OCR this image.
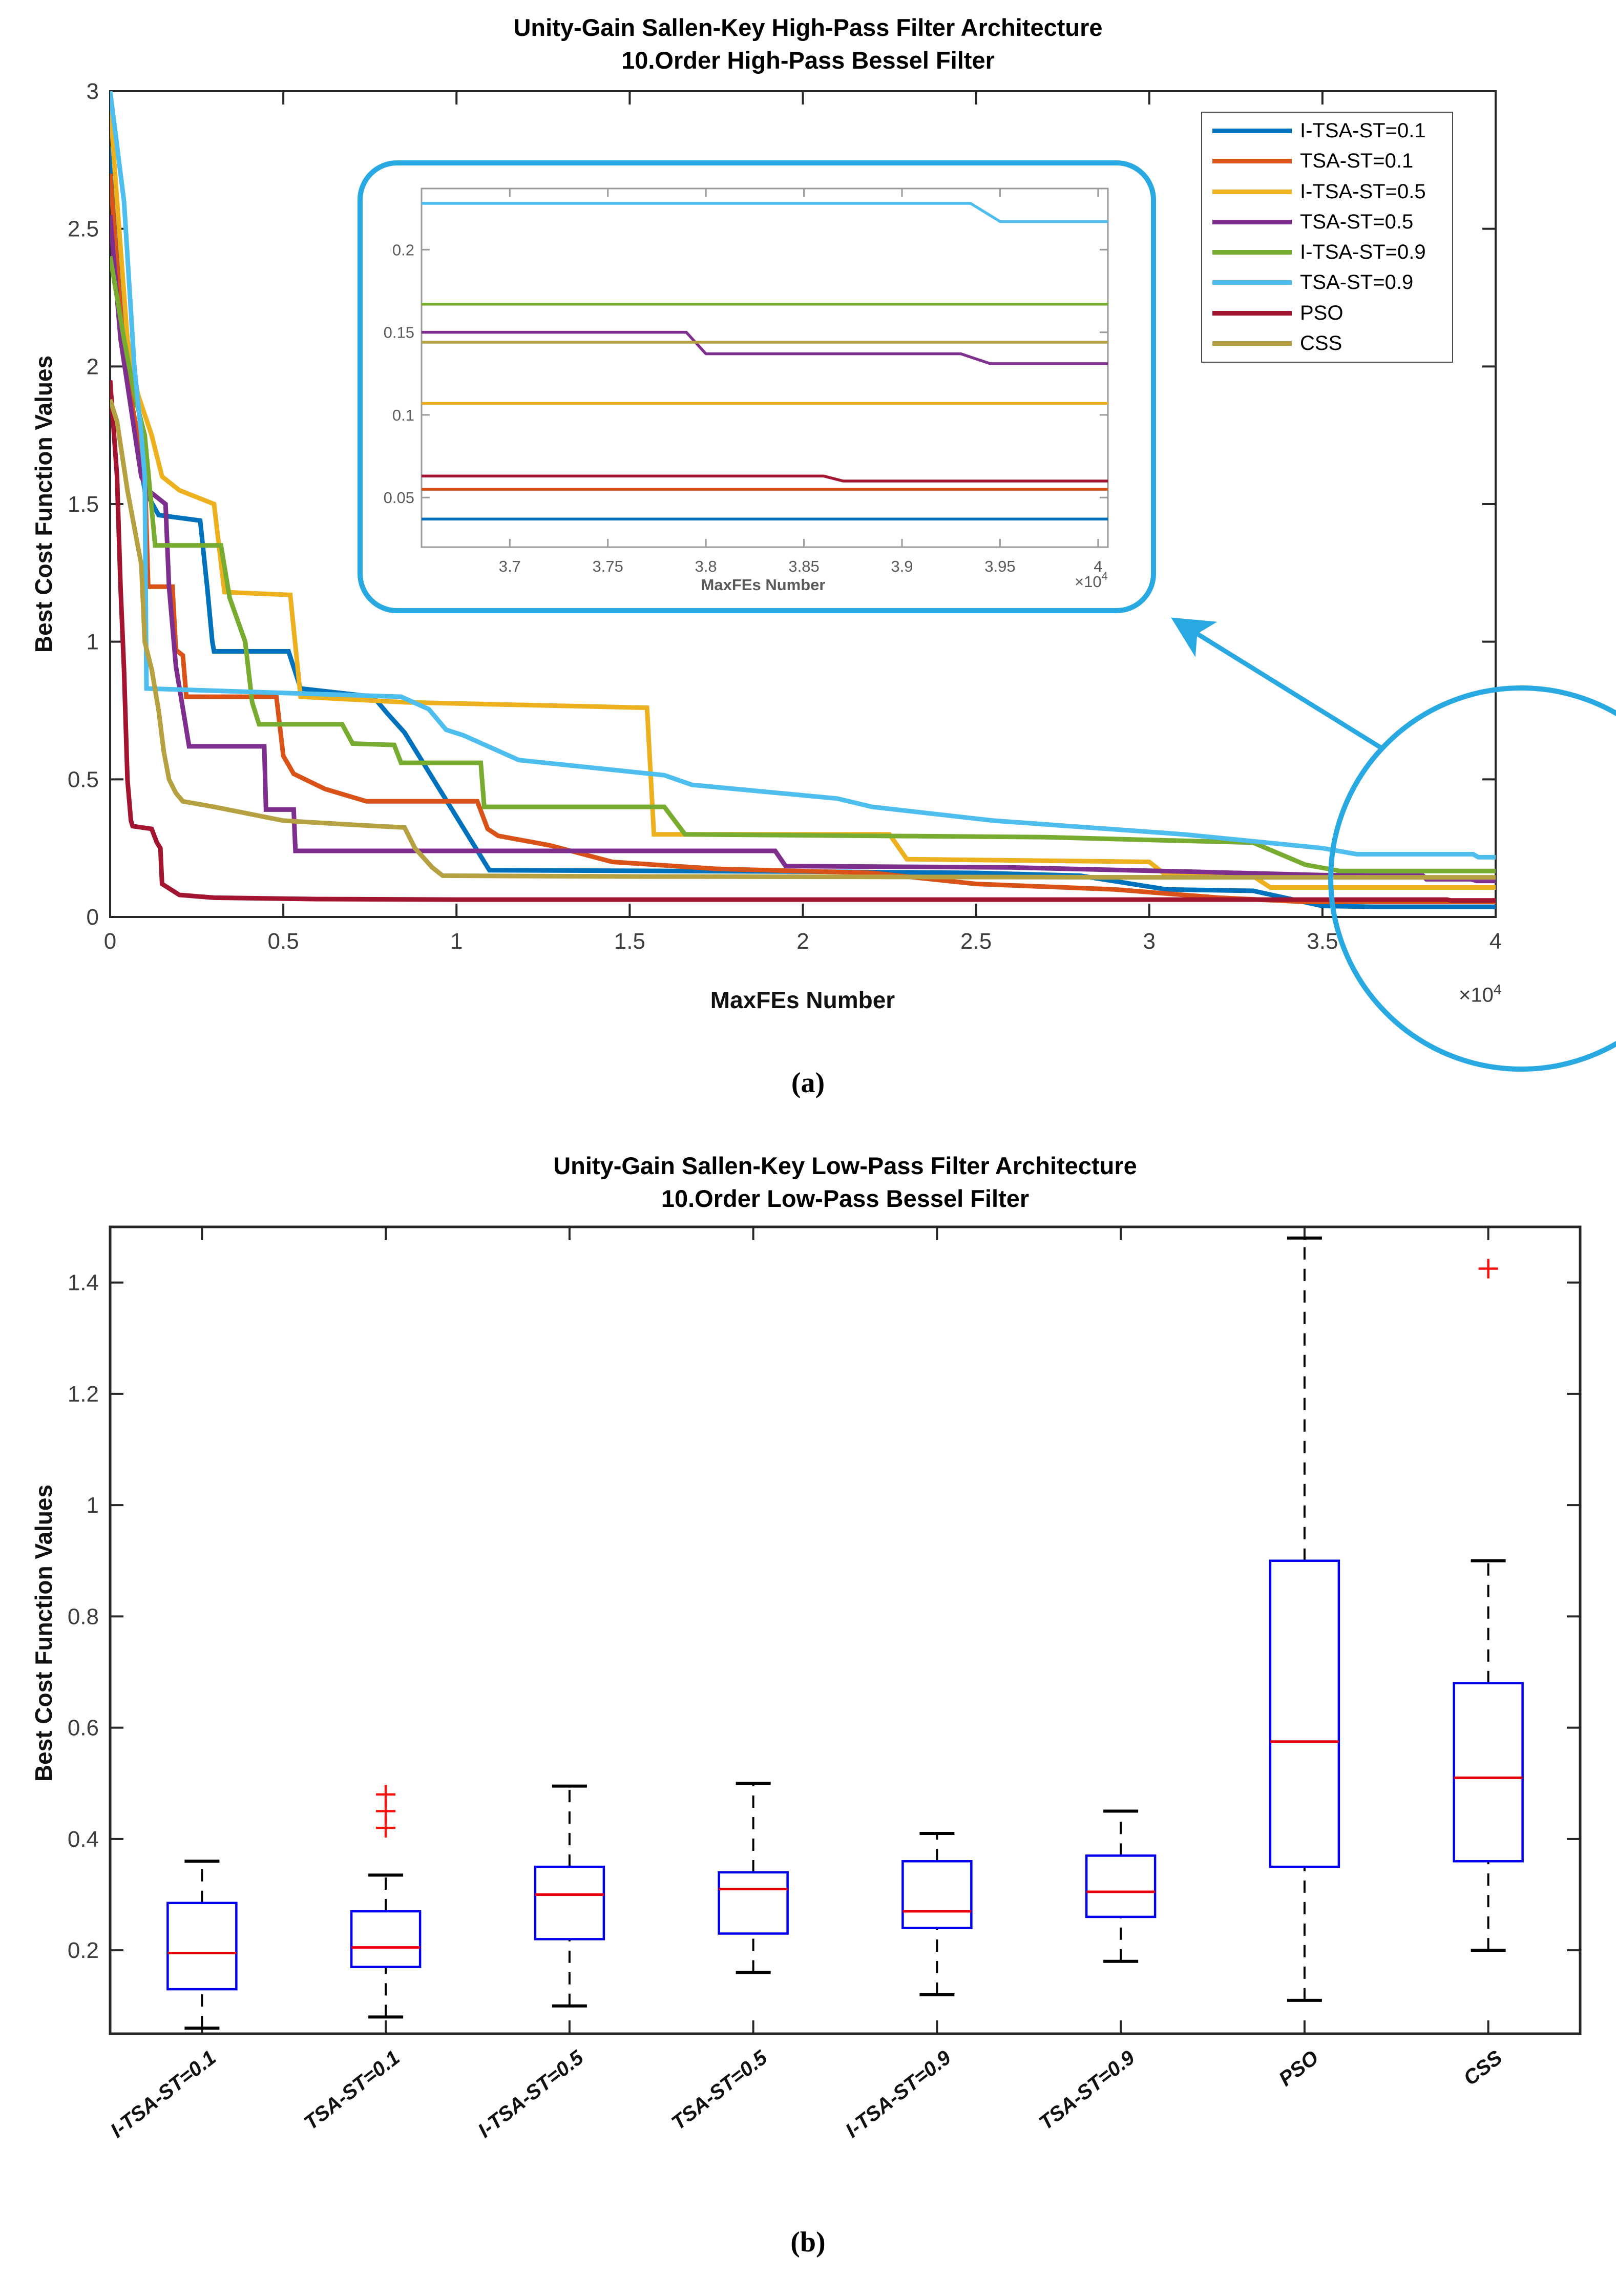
0	0.5	1	1.5	2	2.5	3	3.5	4
0
0.5
1
1.5
2
2.5
3
3.7	3.75	3.8	3.85	3.9	3.95	4
0.05
0.1
0.15
0.2
MaxFEs Number	$\times 10^4$
0.2
0.4
0.6
0.8
1
1.2
1.4
I-TSA-ST=0.1	TSA-ST=0.1	I-TSA-ST=0.5	TSA-ST=0.5	I-TSA-ST=0.9	TSA-ST=0.9	PSO	CSS
Unity-Gain Sallen-Key High-Pass Filter Architecture
10.Order High-Pass Bessel Filter
MaxFEs Number
Best Cost Function Values
$\times 10^4$
(a)
I-TSA-ST=0.1
TSA-ST=0.1
I-TSA-ST=0.5
TSA-ST=0.5
I-TSA-ST=0.9
TSA-ST=0.9
PSO
CSS
Unity-Gain Sallen-Key Low-Pass Filter Architecture
10.Order Low-Pass Bessel Filter
Best Cost Function Values
(b)
